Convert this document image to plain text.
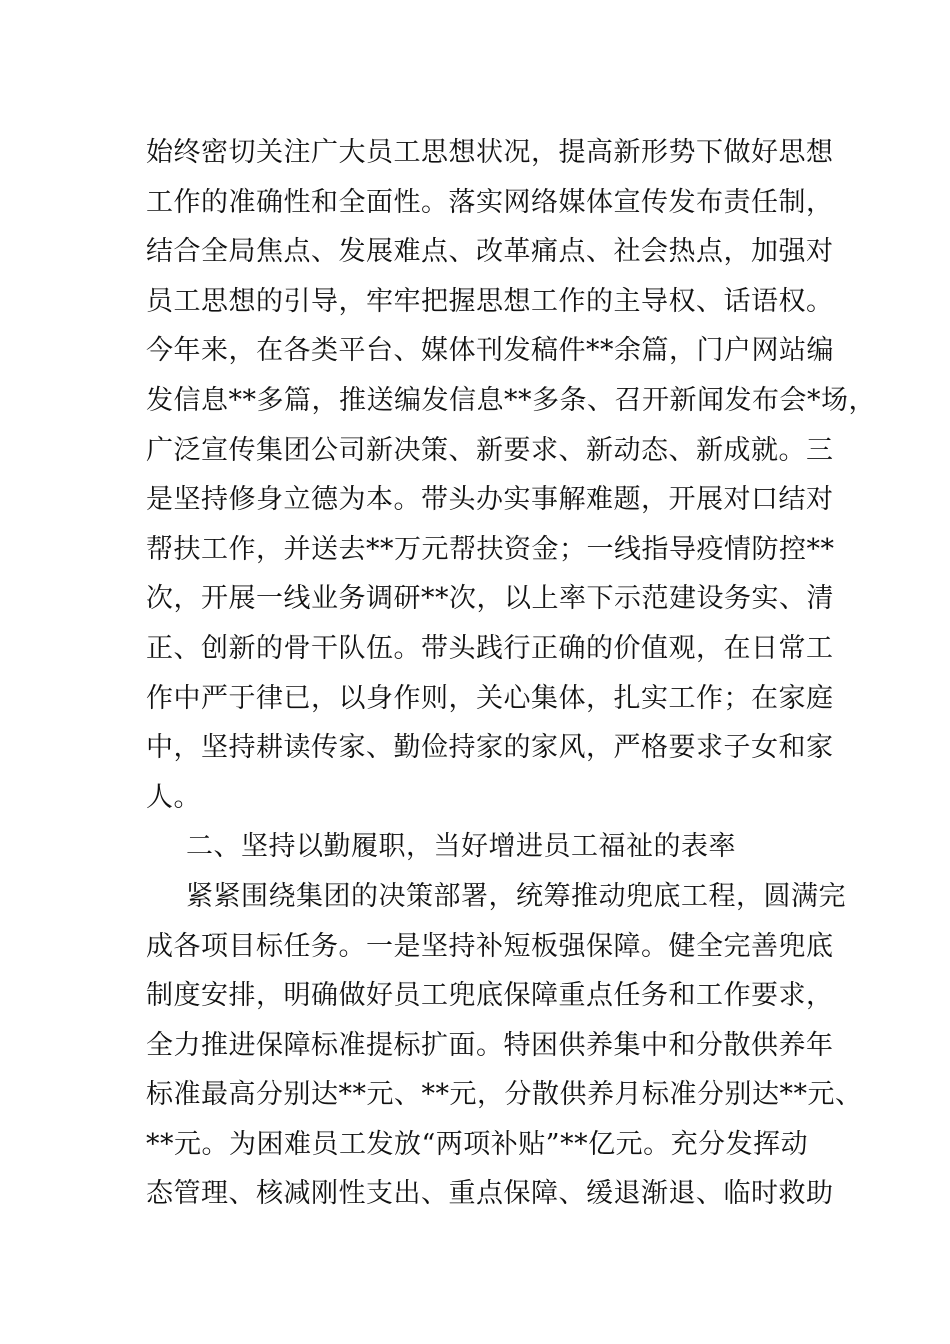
始终密切关注广大员工思想状况，提高新形势下做好思想
工作的准确性和全面性。落实网络媒体宣传发布责任制，
结合全局焦点、发展难点、改革痛点、社会热点，加强对
员工思想的引导，牢牢把握思想工作的主导权、话语权。
今年来，在各类平台、媒体刊发稿件**余篇，门户网站编
发信息**多篇，推送编发信息**多条、召开新闻发布会*场，
广泛宣传集团公司新决策、新要求、新动态、新成就。三
是坚持修身立德为本。带头办实事解难题，开展对口结对
帮扶工作，并送去**万元帮扶资金；一线指导疫情防控**
次，开展一线业务调研**次，以上率下示范建设务实、清
正、创新的骨干队伍。带头践行正确的价值观，在日常工
作中严于律已，以身作则，关心集体，扎实工作；在家庭
中，坚持耕读传家、勤俭持家的家风，严格要求子女和家
人。
二、坚持以勤履职，当好增进员工福祉的表率
紧紧围绕集团的决策部署，统筹推动兜底工程，圆满完
成各项目标任务。一是坚持补短板强保障。健全完善兜底
制度安排，明确做好员工兜底保障重点任务和工作要求，
全力推进保障标准提标扩面。特困供养集中和分散供养年
标准最高分别达**元、**元，分散供养月标准分别达**元、
**元。为困难员工发放“两项补贴”**亿元。充分发挥动
态管理、核减刚性支出、重点保障、缓退渐退、临时救助
